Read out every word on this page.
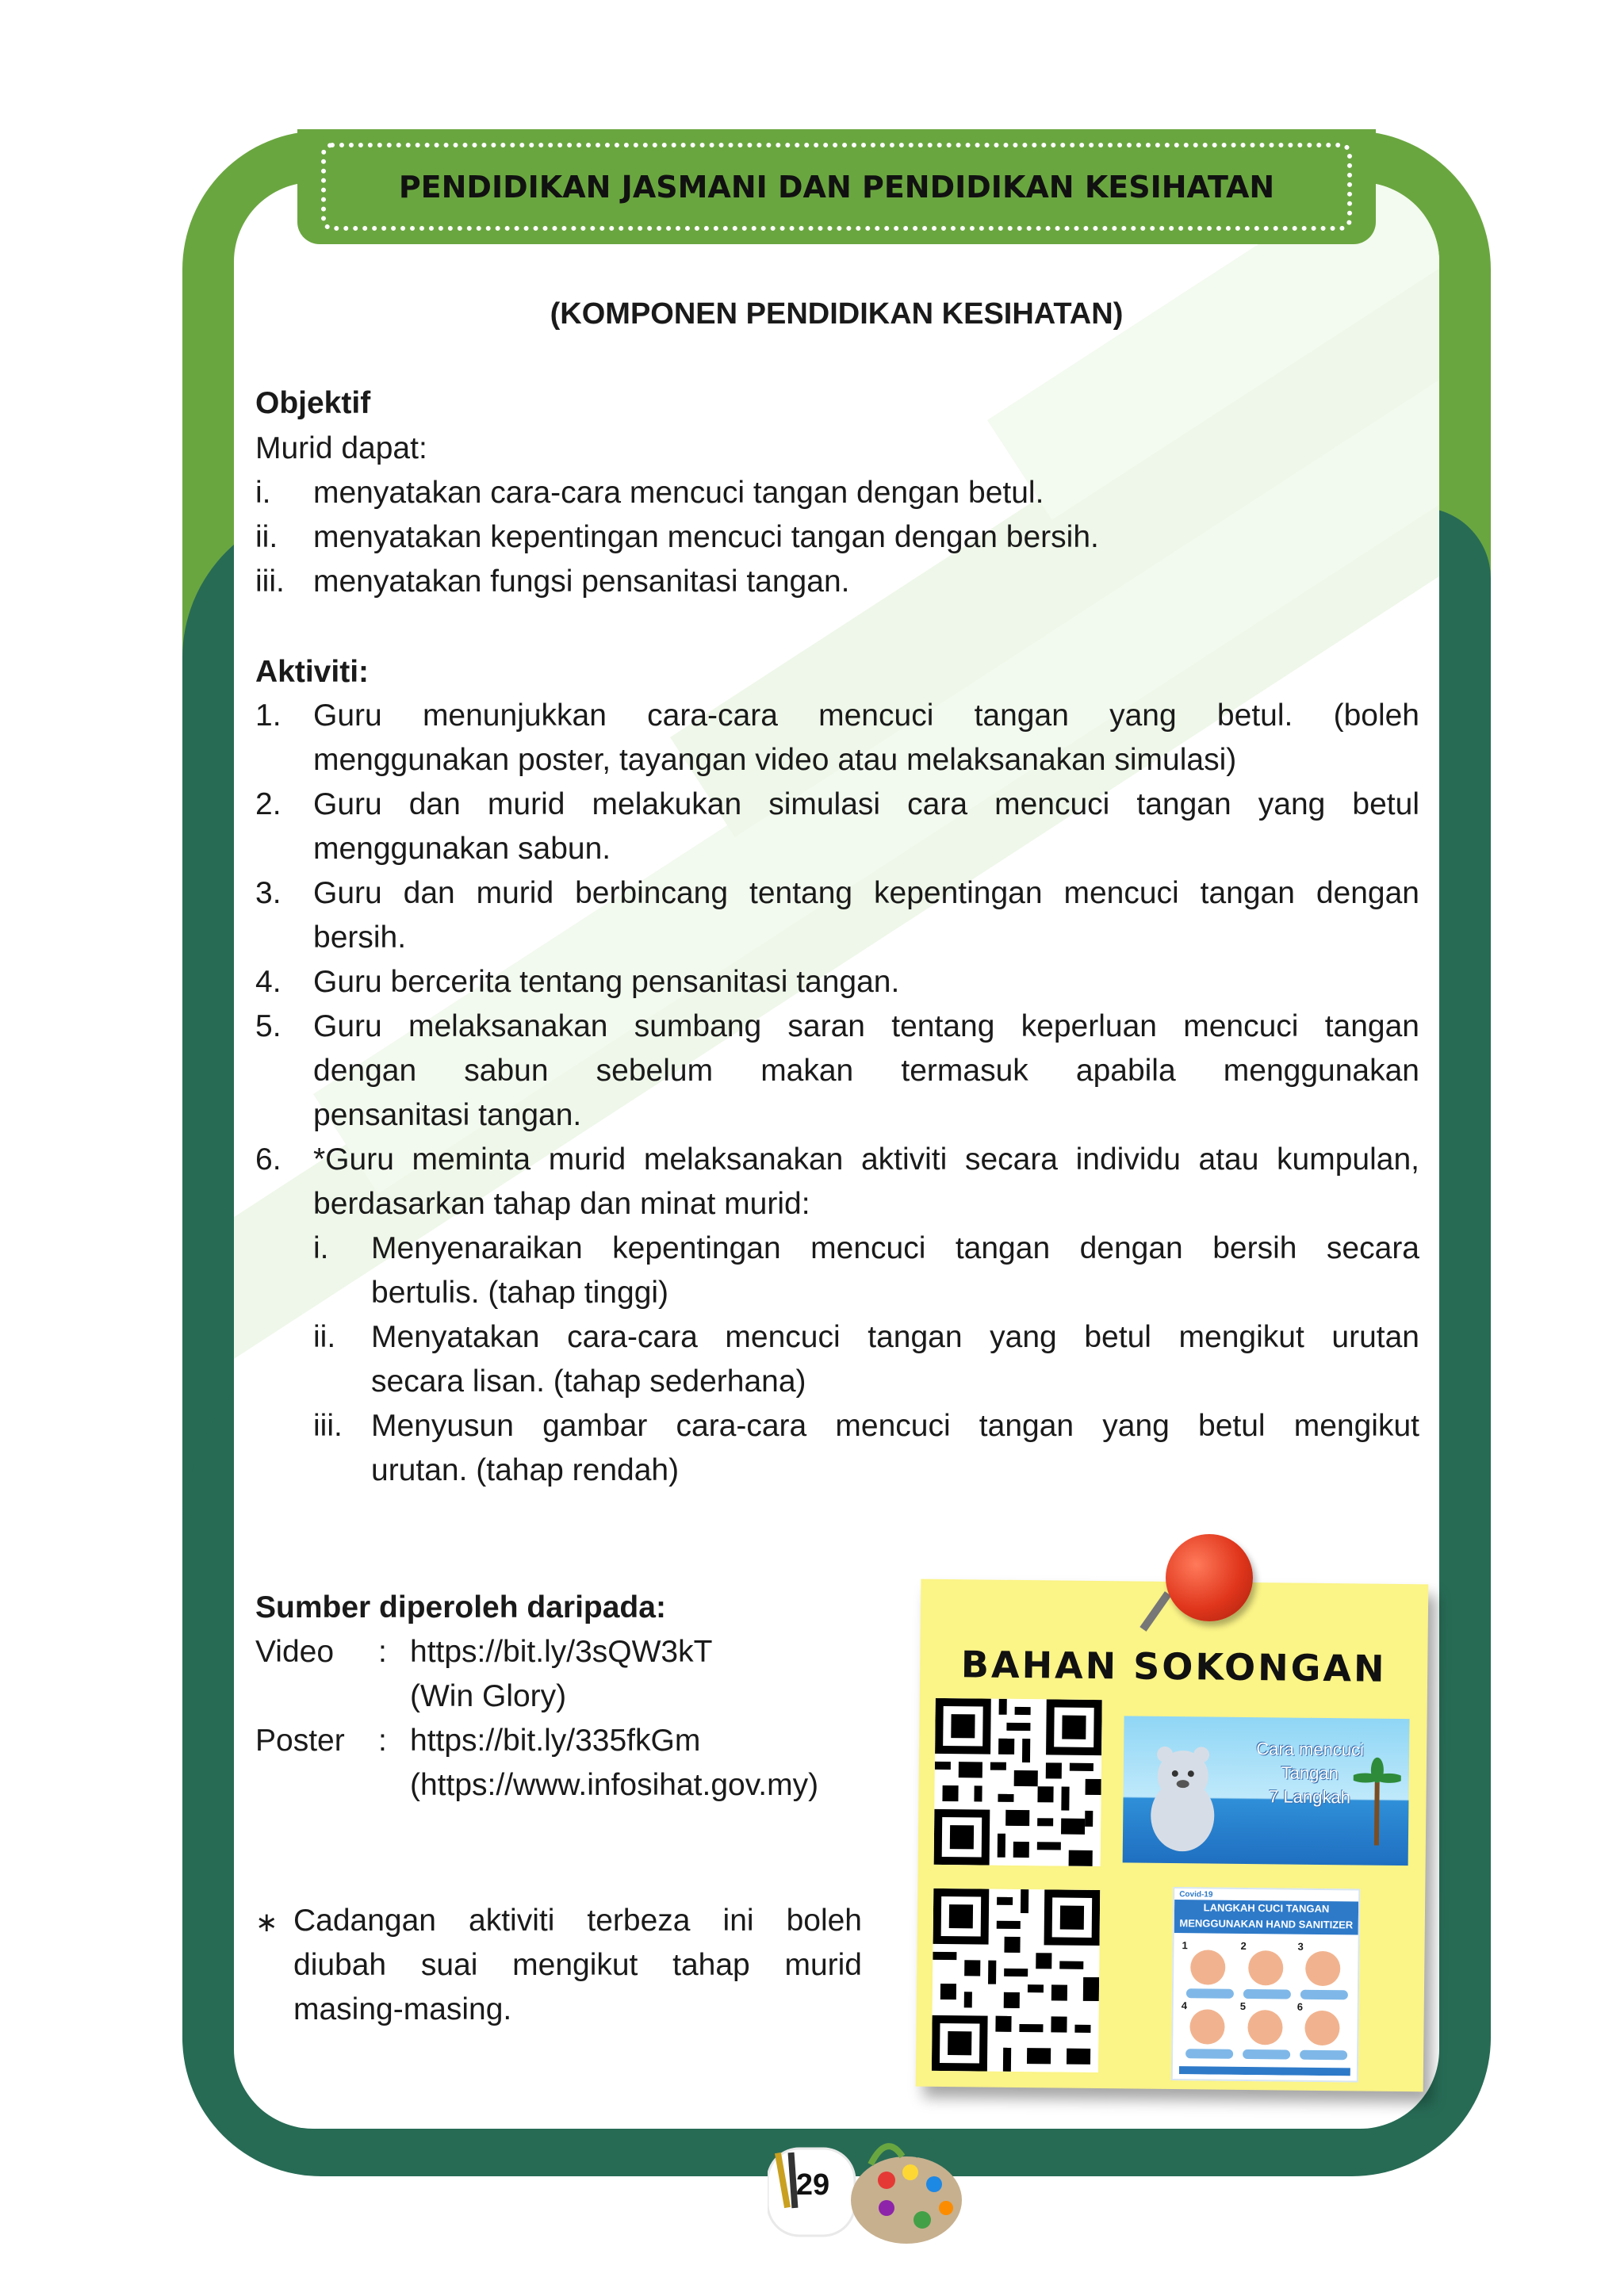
PENDIDIKAN JASMANI DAN PENDIDIKAN KESIHATAN
(KOMPONEN PENDIDIKAN KESIHATAN)
Objektif
Murid dapat:
i. menyatakan cara-cara mencuci tangan dengan betul.
ii. menyatakan kepentingan mencuci tangan dengan bersih.
iii. menyatakan fungsi pensanitasi tangan.
Aktiviti:
1. Guru menunjukkan cara-cara mencuci tangan yang betul. (boleh
menggunakan poster, tayangan video atau melaksanakan simulasi)
2. Guru dan murid melakukan simulasi cara mencuci tangan yang betul
menggunakan sabun.
3. Guru dan murid berbincang tentang kepentingan mencuci tangan dengan
bersih.
4. Guru bercerita tentang pensanitasi tangan.
5. Guru melaksanakan sumbang saran tentang keperluan mencuci tangan
dengan sabun sebelum makan termasuk apabila menggunakan
pensanitasi tangan.
6. *Guru meminta murid melaksanakan aktiviti secara individu atau kumpulan,
berdasarkan tahap dan minat murid:
i. Menyenaraikan kepentingan mencuci tangan dengan bersih secara
bertulis. (tahap tinggi)
ii. Menyatakan cara-cara mencuci tangan yang betul mengikut urutan
secara lisan. (tahap sederhana)
iii. Menyusun gambar cara-cara mencuci tangan yang betul mengikut
urutan. (tahap rendah)
Sumber diperoleh daripada:
Video : https://bit.ly/3sQW3kT
(Win Glory)
Poster : https://bit.ly/335fkGm
(https://www.infosihat.gov.my)
∗ Cadangan aktiviti terbeza ini boleh
diubah suai mengikut tahap murid
masing-masing.
BAHAN SOKONGAN
Cara mencuci
Tangan
7 Langkah
Covid-19
LANGKAH CUCI TANGAN
MENGGUNAKAN HAND SANITIZER
1	2	3
4	5	6
29
